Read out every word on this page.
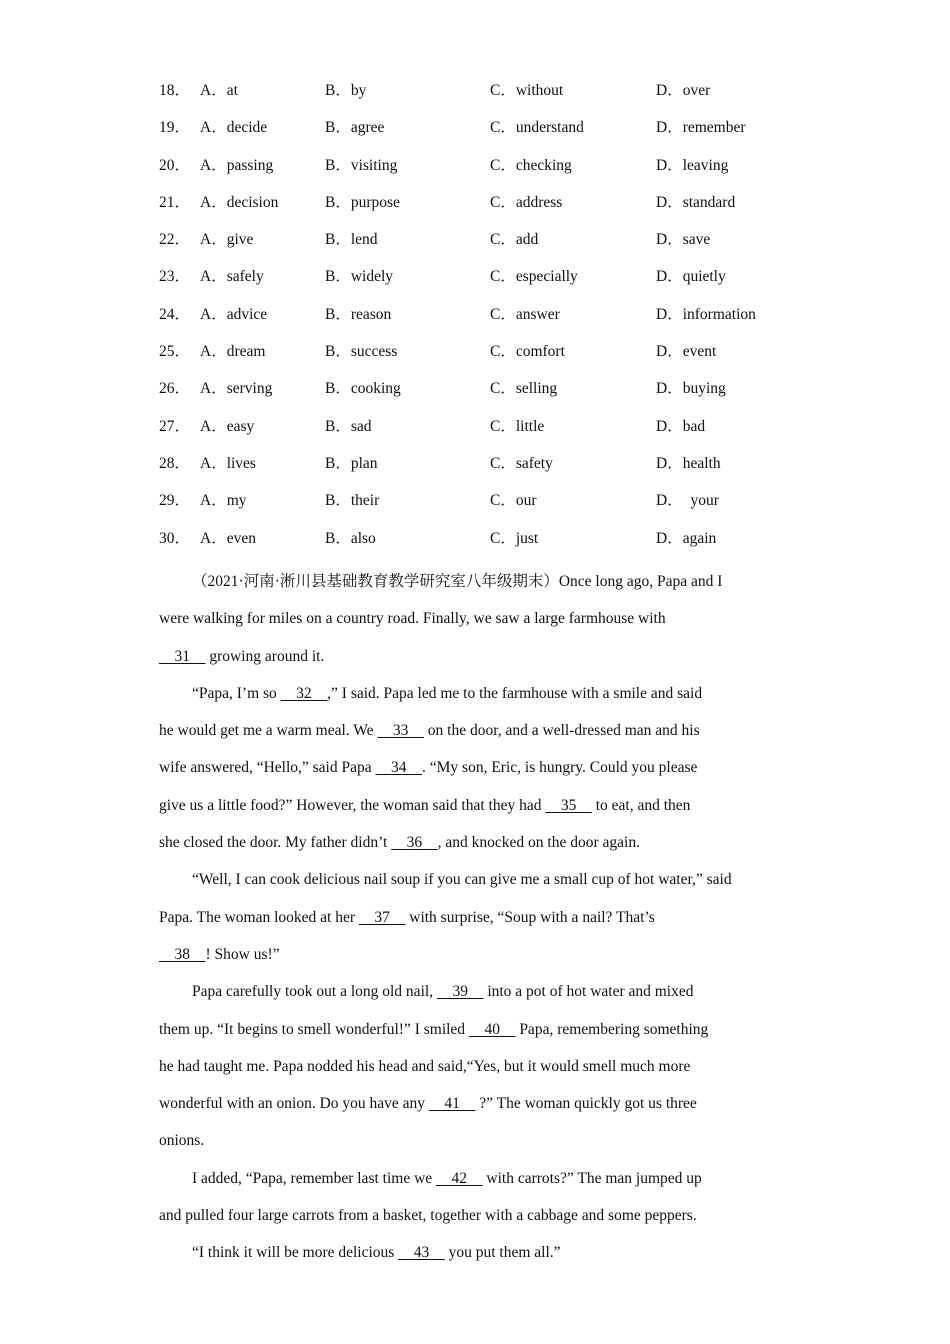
18． A．at	B．by	C．without	D．over
19． A．decide	B．agree	C．understand	D．remember
20． A．passing	B．visiting	C．checking	D．leaving
21． A．decision	B．purpose	C．address	D．standard
22． A．give	B．lend	C．add	D．save
23． A．safely	B．widely	C．especially	D．quietly
24． A．advice	B．reason	C．answer	D．information
25． A．dream	B．success	C．comfort	D．event
26． A．serving	B．cooking	C．selling	D．buying
27． A．easy	B．sad	C．little	D．bad
28． A．lives	B．plan	C．safety	D．health
29． A．my	B．their	C．our	D．  your
30． A．even	B．also	C．just	D．again

（2021·河南·淅川县基础教育教学研究室八年级期末）Once long ago, Papa and I
were walking for miles on a country road. Finally, we saw a large farmhouse with
31     growing around it.

“Papa, I’m so     32 ,” I said. Papa led me to the farmhouse with a smile and said
he would get me a warm meal. We     33     on the door, and a well-dressed man and his
wife answered, “Hello,” said Papa     34 . “My son, Eric, is hungry. Could you please
give us a little food?” However, the woman said that they had     35     to eat, and then
she closed the door. My father didn’t     36 , and knocked on the door again.

“Well, I can cook delicious nail soup if you can give me a small cup of hot water,” said
Papa. The woman looked at her     37     with surprise, “Soup with a nail? That’s
38 ! Show us!”

Papa carefully took out a long old nail,     39     into a pot of hot water and mixed
them up. “It begins to smell wonderful!” I smiled     40     Papa, remembering something
he had taught me. Papa nodded his head and said,“Yes, but it would smell much more
wonderful with an onion. Do you have any     41     ?” The woman quickly got us three
onions.

I added, “Papa, remember last time we     42     with carrots?” The man jumped up
and pulled four large carrots from a basket, together with a cabbage and some peppers.

“I think it will be more delicious     43     you put them all.”
